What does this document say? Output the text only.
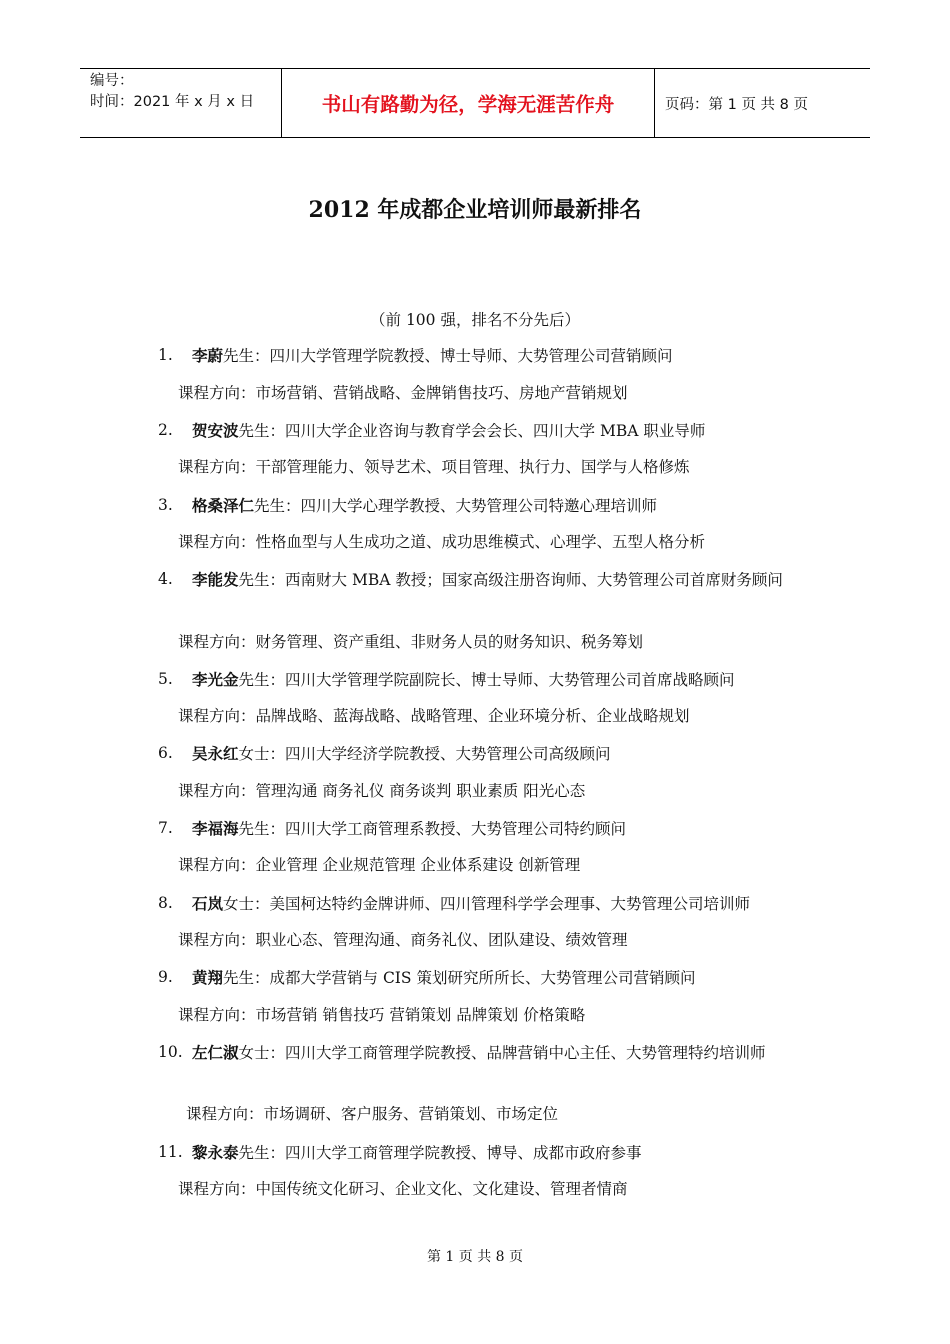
编号：
时间：2021 年 x 月 x 日	书山有路勤为径，学海无涯苦作舟	页码：第 1 页 共 8 页
2012 年成都企业培训师最新排名
（前 100 强，排名不分先后）
1. 李蔚先生：四川大学管理学院教授、博士导师、大势管理公司营销顾问
课程方向：市场营销、营销战略、金牌销售技巧、房地产营销规划
2. 贺安波先生：四川大学企业咨询与教育学会会长、四川大学 MBA 职业导师
课程方向：干部管理能力、领导艺术、项目管理、执行力、国学与人格修炼
3. 格桑泽仁先生：四川大学心理学教授、大势管理公司特邀心理培训师
课程方向：性格血型与人生成功之道、成功思维模式、心理学、五型人格分析
4. 李能发先生：西南财大 MBA 教授；国家高级注册咨询师、大势管理公司首席财务顾问
课程方向：财务管理、资产重组、非财务人员的财务知识、税务筹划
5. 李光金先生：四川大学管理学院副院长、博士导师、大势管理公司首席战略顾问
课程方向：品牌战略、蓝海战略、战略管理、企业环境分析、企业战略规划
6. 吴永红女士：四川大学经济学院教授、大势管理公司高级顾问
课程方向：管理沟通 商务礼仪 商务谈判 职业素质 阳光心态
7. 李福海先生：四川大学工商管理系教授、大势管理公司特约顾问
课程方向：企业管理 企业规范管理 企业体系建设 创新管理
8. 石岚女士：美国柯达特约金牌讲师、四川管理科学学会理事、大势管理公司培训师
课程方向：职业心态、管理沟通、商务礼仪、团队建设、绩效管理
9. 黄翔先生：成都大学营销与 CIS 策划研究所所长、大势管理公司营销顾问
课程方向：市场营销 销售技巧 营销策划 品牌策划 价格策略
10. 左仁淑女士：四川大学工商管理学院教授、品牌营销中心主任、大势管理特约培训师
课程方向：市场调研、客户服务、营销策划、市场定位
11. 黎永泰先生：四川大学工商管理学院教授、博导、成都市政府参事
课程方向：中国传统文化研习、企业文化、文化建设、管理者情商
第 1 页 共 8 页
